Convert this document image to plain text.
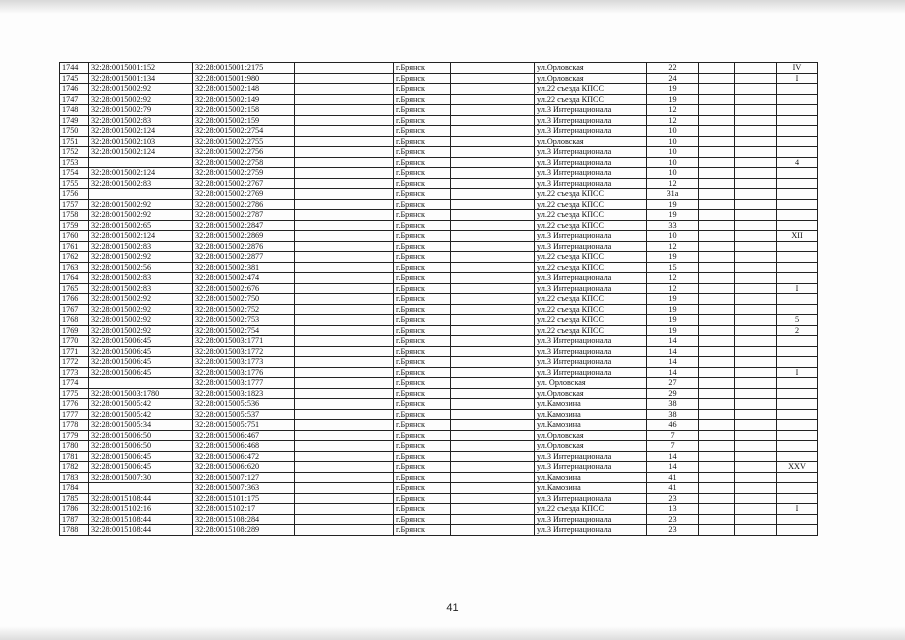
1744	32:28:0015001:152	32:28:0015001:2175		г.Брянск		ул.Орловская	22			IV
1745	32:28:0015001:134	32:28:0015001:980		г.Брянск		ул.Орловская	24			I
1746	32:28:0015002:92	32:28:0015002:148		г.Брянск		ул.22 съезда КПСС	19			
1747	32:28:0015002:92	32:28:0015002:149		г.Брянск		ул.22 съезда КПСС	19			
1748	32:28:0015002:79	32:28:0015002:158		г.Брянск		ул.3 Интернационала	12			
1749	32:28:0015002:83	32:28:0015002:159		г.Брянск		ул.3 Интернационала	12			
1750	32:28:0015002:124	32:28:0015002:2754		г.Брянск		ул.3 Интернационала	10			
1751	32:28:0015002:103	32:28:0015002:2755		г.Брянск		ул.Орловская	10			
1752	32:28:0015002:124	32:28:0015002:2756		г.Брянск		ул.3 Интернационала	10			
1753		32:28:0015002:2758		г.Брянск		ул.3 Интернационала	10			4
1754	32:28:0015002:124	32:28:0015002:2759		г.Брянск		ул.3 Интернационала	10			
1755	32:28:0015002:83	32:28:0015002:2767		г.Брянск		ул.3 Интернационала	12			
1756		32:28:0015002:2769		г.Брянск		ул.22 съезда КПСС	31а			
1757	32:28:0015002:92	32:28:0015002:2786		г.Брянск		ул.22 съезда КПСС	19			
1758	32:28:0015002:92	32:28:0015002:2787		г.Брянск		ул.22 съезда КПСС	19			
1759	32:28:0015002:65	32:28:0015002:2847		г.Брянск		ул.22 съезда КПСС	33			
1760	32:28:0015002:124	32:28:0015002:2869		г.Брянск		ул.3 Интернационала	10			XII
1761	32:28:0015002:83	32:28:0015002:2876		г.Брянск		ул.3 Интернационала	12			
1762	32:28:0015002:92	32:28:0015002:2877		г.Брянск		ул.22 съезда КПСС	19			
1763	32:28:0015002:56	32:28:0015002:381		г.Брянск		ул.22 съезда КПСС	15			
1764	32:28:0015002:83	32:28:0015002:474		г.Брянск		ул.3 Интернационала	12			
1765	32:28:0015002:83	32:28:0015002:676		г.Брянск		ул.3 Интернационала	12			I
1766	32:28:0015002:92	32:28:0015002:750		г.Брянск		ул.22 съезда КПСС	19			
1767	32:28:0015002:92	32:28:0015002:752		г.Брянск		ул.22 съезда КПСС	19			
1768	32:28:0015002:92	32:28:0015002:753		г.Брянск		ул.22 съезда КПСС	19			5
1769	32:28:0015002:92	32:28:0015002:754		г.Брянск		ул.22 съезда КПСС	19			2
1770	32:28:0015006:45	32:28:0015003:1771		г.Брянск		ул.3 Интернационала	14			
1771	32:28:0015006:45	32:28:0015003:1772		г.Брянск		ул.3 Интернационала	14			
1772	32:28:0015006:45	32:28:0015003:1773		г.Брянск		ул.3 Интернационала	14			
1773	32:28:0015006:45	32:28:0015003:1776		г.Брянск		ул.3 Интернационала	14			I
1774		32:28:0015003:1777		г.Брянск		ул. Орловская	27			
1775	32:28:0015003:1780	32:28:0015003:1823		г.Брянск		ул.Орловская	29			
1776	32:28:0015005:42	32:28:0015005:536		г.Брянск		ул.Камозина	38			
1777	32:28:0015005:42	32:28:0015005:537		г.Брянск		ул.Камозина	38			
1778	32:28:0015005:34	32:28:0015005:751		г.Брянск		ул.Камозина	46			
1779	32:28:0015006:50	32:28:0015006:467		г.Брянск		ул.Орловская	7			
1780	32:28:0015006:50	32:28:0015006:468		г.Брянск		ул.Орловская	7			
1781	32:28:0015006:45	32:28:0015006:472		г.Брянск		ул.3 Интернационала	14			
1782	32:28:0015006:45	32:28:0015006:620		г.Брянск		ул.3 Интернационала	14			XXV
1783	32:28:0015007:30	32:28:0015007:127		г.Брянск		ул.Камозина	41			
1784		32:28:0015007:363		г.Брянск		ул.Камозина	41			
1785	32:28:0015108:44	32:28:0015101:175		г.Брянск		ул.3 Интернационала	23			
1786	32:28:0015102:16	32:28:0015102:17		г.Брянск		ул.22 съезда КПСС	13			I
1787	32:28:0015108:44	32:28:0015108:284		г.Брянск		ул.3 Интернационала	23			
1788	32:28:0015108:44	32:28:0015108:289		г.Брянск		ул.3 Интернационала	23			
41
